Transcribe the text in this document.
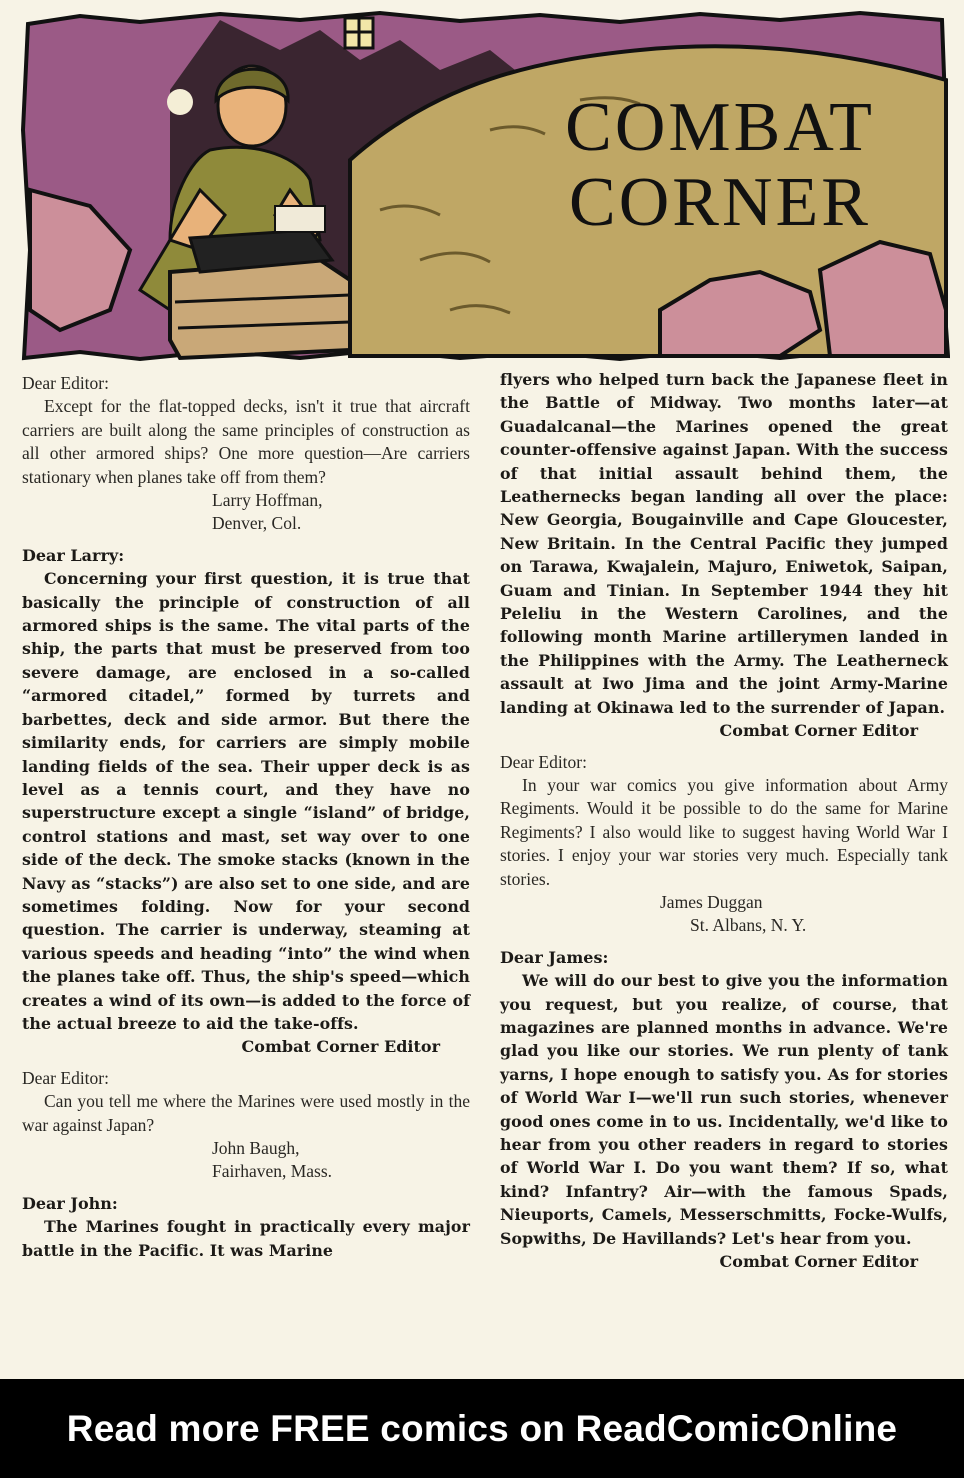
COMBAT
CORNER

Dear Editor:

Except for the flat-topped decks, isn't it true that aircraft carriers are built along the same principles of construction as all other armored ships? One more question—Are carriers stationary when planes take off from them?

Larry Hoffman,

Denver, Col.

Dear Larry:

Concerning your first question, it is true that basically the principle of construction of all armored ships is the same. The vital parts of the ship, the parts that must be preserved from too severe damage, are enclosed in a so-called “armored citadel,” formed by turrets and barbettes, deck and side armor. But there the similarity ends, for carriers are simply mobile landing fields of the sea. Their upper deck is as level as a tennis court, and they have no superstructure except a single “island” of bridge, control stations and mast, set way over to one side of the deck. The smoke stacks (known in the Navy as “stacks”) are also set to one side, and are sometimes folding. Now for your second question. The carrier is underway, steaming at various speeds and heading “into” the wind when the planes take off. Thus, the ship's speed—which creates a wind of its own—is added to the force of the actual breeze to aid the take-offs.

Combat Corner Editor

Dear Editor:

Can you tell me where the Marines were used mostly in the war against Japan?

John Baugh,

Fairhaven, Mass.

Dear John:

The Marines fought in practically every major battle in the Pacific. It was Marine

flyers who helped turn back the Japanese fleet in the Battle of Midway. Two months later—at Guadalcanal—the Marines opened the great counter-offensive against Japan. With the success of that initial assault behind them, the Leathernecks began landing all over the place: New Georgia, Bougainville and Cape Gloucester, New Britain. In the Central Pacific they jumped on Tarawa, Kwajalein, Majuro, Eniwetok, Saipan, Guam and Tinian. In September 1944 they hit Peleliu in the Western Carolines, and the following month Marine artillerymen landed in the Philippines with the Army. The Leatherneck assault at Iwo Jima and the joint Army-Marine landing at Okinawa led to the surrender of Japan.

Combat Corner Editor

Dear Editor:

In your war comics you give information about Army Regiments. Would it be possible to do the same for Marine Regiments? I also would like to suggest having World War I stories. I enjoy your war stories very much. Especially tank stories.

James Duggan

St. Albans, N. Y.

Dear James:

We will do our best to give you the information you request, but you realize, of course, that magazines are planned months in advance. We're glad you like our stories. We run plenty of tank yarns, I hope enough to satisfy you. As for stories of World War I—we'll run such stories, whenever good ones come in to us. Incidentally, we'd like to hear from you other readers in regard to stories of World War I. Do you want them? If so, what kind? Infantry? Air—with the famous Spads, Nieuports, Camels, Messerschmitts, Focke-Wulfs, Sopwiths, De Havillands? Let's hear from you.

Combat Corner Editor

Read more FREE comics on ReadComicOnline
